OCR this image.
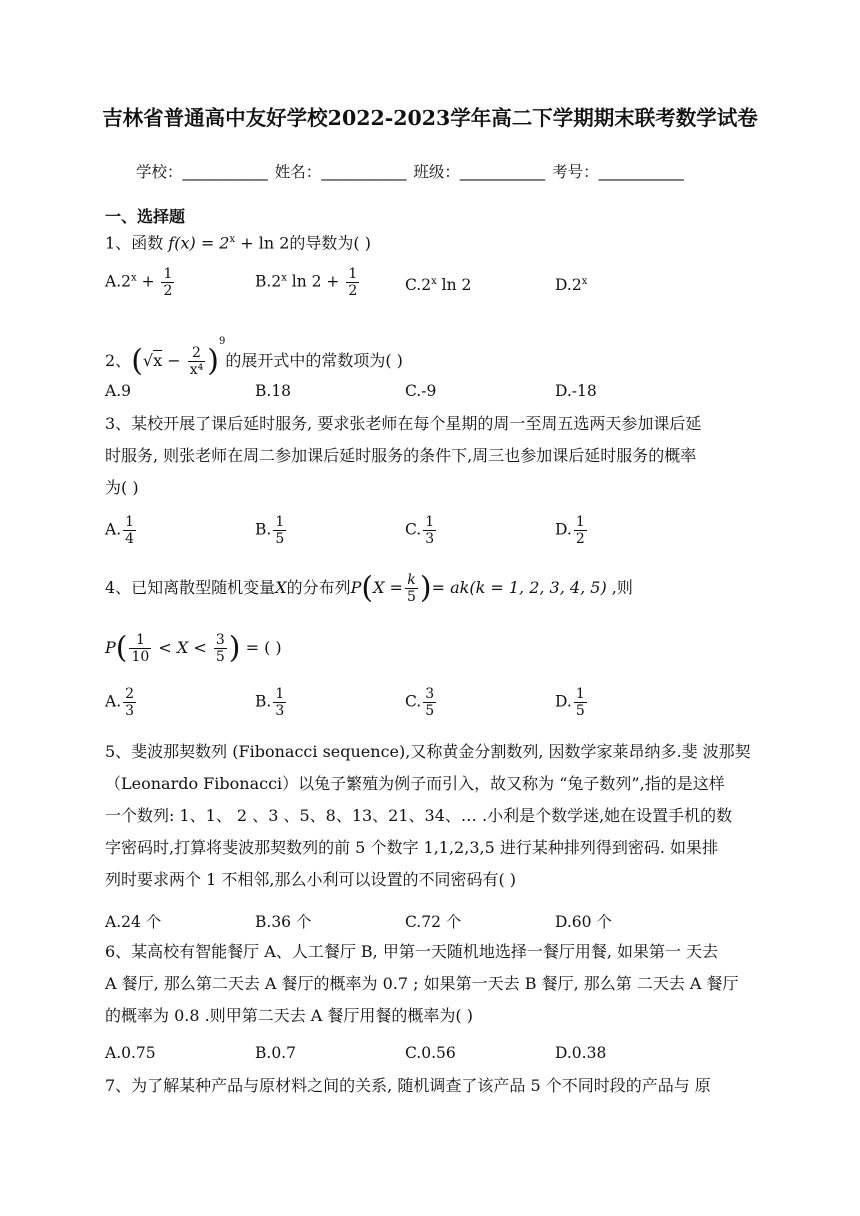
吉林省普通高中友好学校2022-2023学年高二下学期期末联考数学试卷
学校：___________ 姓名：___________ 班级：___________ 考号：___________
一、选择题
1、函数 $f(x) = 2^x + \ln 2$的导数为( )
$A.2^x + \frac{1}{2}$	B.2$^x$ $\ln 2 + \frac{1}{2}$	C.2$^x$ ln 2	D.2$^x$
2、$(√x - \frac{2}{\text{x⁴}} )^9$的展开式中的常数项为( )
A.9	B.18	C.-9	D.-18
3、某校开展了课后延时服务, 要求张老师在每个星期的周一至周五选两天参加课后延
时服务, 则张老师在周二参加课后延时服务的条件下,周三也参加课后延时服务的概率
为( )
A. $\frac{1}{4}$	B. $\frac{1}{5}$	C. $\frac{1}{3}$	D. $\frac{1}{2}$
4、已知离散型随机变量X的分布列$P(X = \frac{k}{5}$ )= ak(k = 1, 2, 3, 4, 5) ,则
$P( \frac{1}{10} < X < \frac{3}{5}$ ) = ( )
A. $\frac{2}{3}$	B. $\frac{1}{3}$	C. $\frac{3}{5}$	D. $\frac{1}{5}$
5、斐波那契数列 (Fibonacci sequence),又称黄金分割数列, 因数学家莱昂纳多.斐 波那契
（Leonardo Fibonacci）以兔子繁殖为例子而引入，故又称为 “兔子数列”,指的是这样
一个数列: 1、1、 2 、3 、5、8、13、21、34、… .小利是个数学迷,她在设置手机的数
字密码时,打算将斐波那契数列的前 5 个数字 1,1,2,3,5 进行某种排列得到密码. 如果排
列时要求两个 1 不相邻,那么小利可以设置的不同密码有( )
A.24 个	B.36 个	C.72 个	D.60 个
6、某高校有智能餐厅 A、人工餐厅 B, 甲第一天随机地选择一餐厅用餐, 如果第一 天去
A 餐厅, 那么第二天去 A 餐厅的概率为 0.7 ; 如果第一天去 B 餐厅, 那么第 二天去 A 餐厅
的概率为 0.8 .则甲第二天去 A 餐厅用餐的概率为( )
A.0.75	B.0.7	C.0.56	D.0.38
7、为了解某种产品与原材料之间的关系, 随机调查了该产品 5 个不同时段的产品与 原
